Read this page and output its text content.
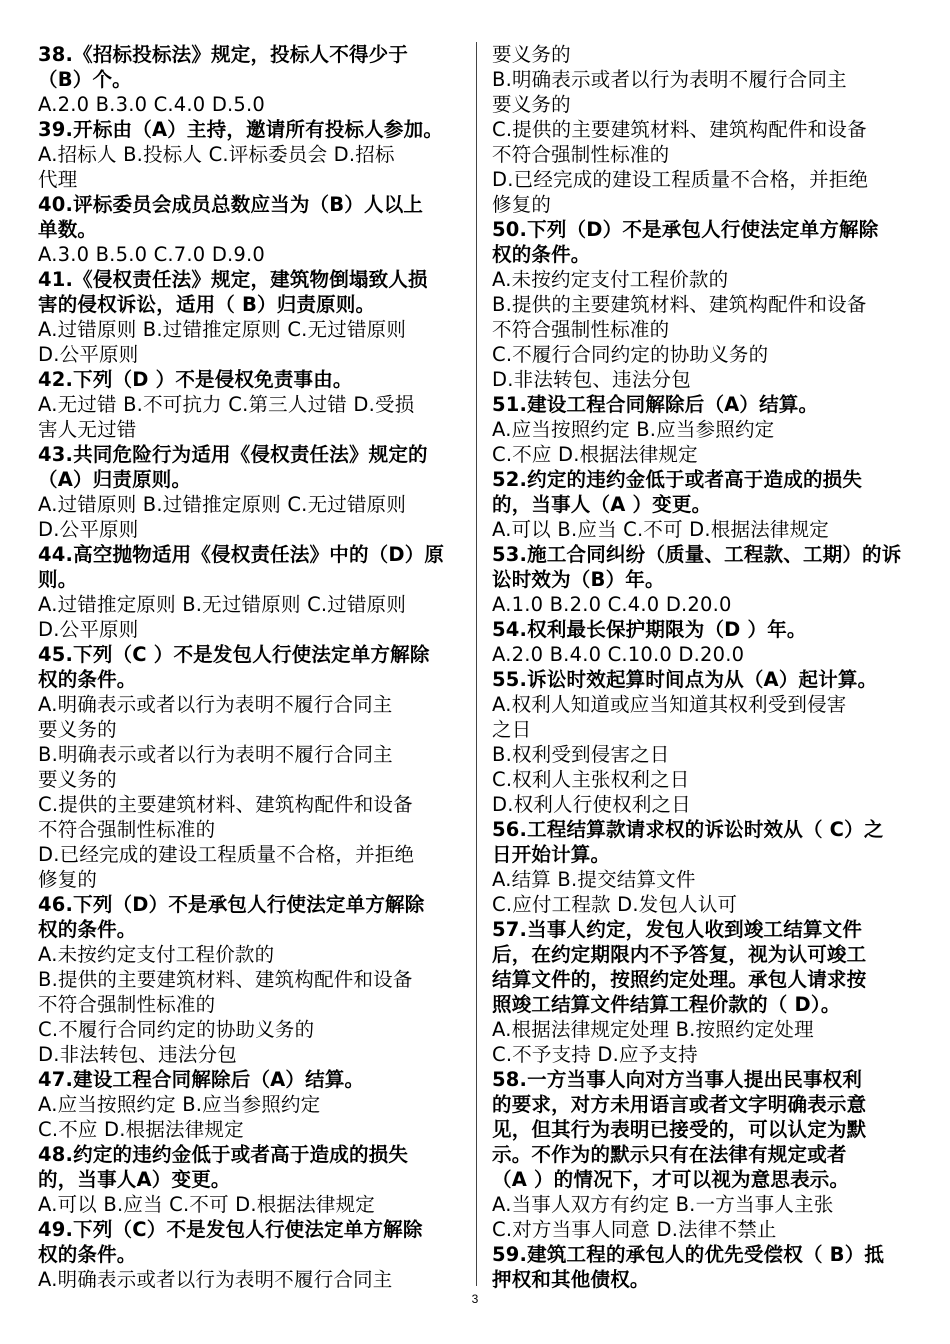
38.《招标投标法》规定，投标人不得少于
（B）个。
A.2.0 B.3.0 C.4.0 D.5.0
39.开标由（A）主持，邀请所有投标人参加。
A.招标人 B.投标人 C.评标委员会 D.招标
代理
40.评标委员会成员总数应当为（B）人以上
单数。
A.3.0 B.5.0 C.7.0 D.9.0
41.《侵权责任法》规定，建筑物倒塌致人损
害的侵权诉讼，适用（ B）归责原则。
A.过错原则 B.过错推定原则 C.无过错原则
D.公平原则
42.下列（D ）不是侵权免责事由。
A.无过错 B.不可抗力 C.第三人过错 D.受损
害人无过错
43.共同危险行为适用《侵权责任法》规定的
（A）归责原则。
A.过错原则 B.过错推定原则 C.无过错原则
D.公平原则
44.高空抛物适用《侵权责任法》中的（D）原
则。
A.过错推定原则 B.无过错原则 C.过错原则
D.公平原则
45.下列（C ）不是发包人行使法定单方解除
权的条件。
A.明确表示或者以行为表明不履行合同主
要义务的
B.明确表示或者以行为表明不履行合同主
要义务的
C.提供的主要建筑材料、建筑构配件和设备
不符合强制性标准的
D.已经完成的建设工程质量不合格，并拒绝
修复的
46.下列（D）不是承包人行使法定单方解除
权的条件。
A.未按约定支付工程价款的
B.提供的主要建筑材料、建筑构配件和设备
不符合强制性标准的
C.不履行合同约定的协助义务的
D.非法转包、违法分包
47.建设工程合同解除后（A）结算。
A.应当按照约定 B.应当参照约定
C.不应 D.根据法律规定
48.约定的违约金低于或者高于造成的损失
的，当事人A）变更。
A.可以 B.应当 C.不可 D.根据法律规定
49.下列（C）不是发包人行使法定单方解除
权的条件。
A.明确表示或者以行为表明不履行合同主
要义务的
B.明确表示或者以行为表明不履行合同主
要义务的
C.提供的主要建筑材料、建筑构配件和设备
不符合强制性标准的
D.已经完成的建设工程质量不合格，并拒绝
修复的
50.下列（D）不是承包人行使法定单方解除
权的条件。
A.未按约定支付工程价款的
B.提供的主要建筑材料、建筑构配件和设备
不符合强制性标准的
C.不履行合同约定的协助义务的
D.非法转包、违法分包
51.建设工程合同解除后（A）结算。
A.应当按照约定 B.应当参照约定
C.不应 D.根据法律规定
52.约定的违约金低于或者高于造成的损失
的，当事人（A ）变更。
A.可以 B.应当 C.不可 D.根据法律规定
53.施工合同纠纷（质量、工程款、工期）的诉
讼时效为（B）年。
A.1.0 B.2.0 C.4.0 D.20.0
54.权利最长保护期限为（D ）年。
A.2.0 B.4.0 C.10.0 D.20.0
55.诉讼时效起算时间点为从（A）起计算。
A.权利人知道或应当知道其权利受到侵害
之日
B.权利受到侵害之日
C.权利人主张权利之日
D.权利人行使权利之日
56.工程结算款请求权的诉讼时效从（ C）之
日开始计算。
A.结算 B.提交结算文件
C.应付工程款 D.发包人认可
57.当事人约定，发包人收到竣工结算文件
后，在约定期限内不予答复，视为认可竣工
结算文件的，按照约定处理。承包人请求按
照竣工结算文件结算工程价款的（ D）。
A.根据法律规定处理 B.按照约定处理
C.不予支持 D.应予支持
58.一方当事人向对方当事人提出民事权利
的要求，对方未用语言或者文字明确表示意
见，但其行为表明已接受的，可以认定为默
示。不作为的默示只有在法律有规定或者
（A ）的情况下，才可以视为意思表示。
A.当事人双方有约定 B.一方当事人主张
C.对方当事人同意 D.法律不禁止
59.建筑工程的承包人的优先受偿权（ B）抵
押权和其他债权。
3
